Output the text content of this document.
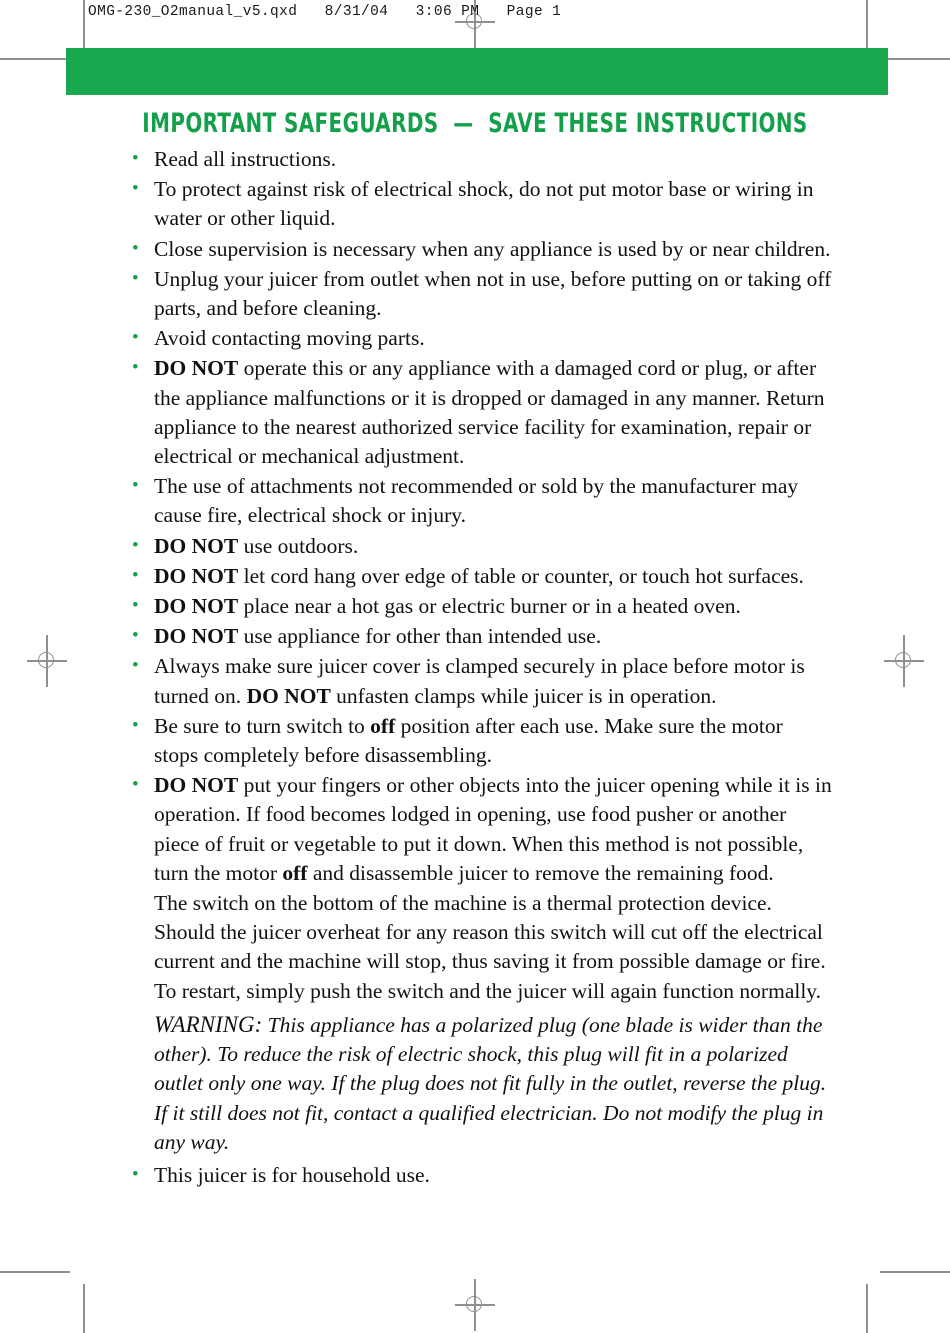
OMG-230_O2manual_v5.qxd   8/31/04   3:06 PM   Page 1
IMPORTANT SAFEGUARDS  —  SAVE THESE INSTRUCTIONS
• Read all instructions.
• To protect against risk of electrical shock, do not put motor base or wiring in water or other liquid.
• Close supervision is necessary when any appliance is used by or near children.
• Unplug your juicer from outlet when not in use, before putting on or taking off parts, and before cleaning.
• Avoid contacting moving parts.
• DO NOT operate this or any appliance with a damaged cord or plug, or after the appliance malfunctions or it is dropped or damaged in any manner. Return appliance to the nearest authorized service facility for examination, repair or electrical or mechanical adjustment.
• The use of attachments not recommended or sold by the manufacturer may cause fire, electrical shock or injury.
• DO NOT use outdoors.
• DO NOT let cord hang over edge of table or counter, or touch hot surfaces.
• DO NOT place near a hot gas or electric burner or in a heated oven.
• DO NOT use appliance for other than intended use.
• Always make sure juicer cover is clamped securely in place before motor is turned on. DO NOT unfasten clamps while juicer is in operation.
• Be sure to turn switch to off position after each use. Make sure the motor stops completely before disassembling.
• DO NOT put your fingers or other objects into the juicer opening while it is in operation. If food becomes lodged in opening, use food pusher or another piece of fruit or vegetable to put it down. When this method is not possible, turn the motor off and disassemble juicer to remove the remaining food.
The switch on the bottom of the machine is a thermal protection device. Should the juicer overheat for any reason this switch will cut off the electrical current and the machine will stop, thus saving it from possible damage or fire. To restart, simply push the switch and the juicer will again function normally.
WARNING: This appliance has a polarized plug (one blade is wider than the other). To reduce the risk of electric shock, this plug will fit in a polarized outlet only one way. If the plug does not fit fully in the outlet, reverse the plug. If it still does not fit, contact a qualified electrician. Do not modify the plug in any way.
• This juicer is for household use.
